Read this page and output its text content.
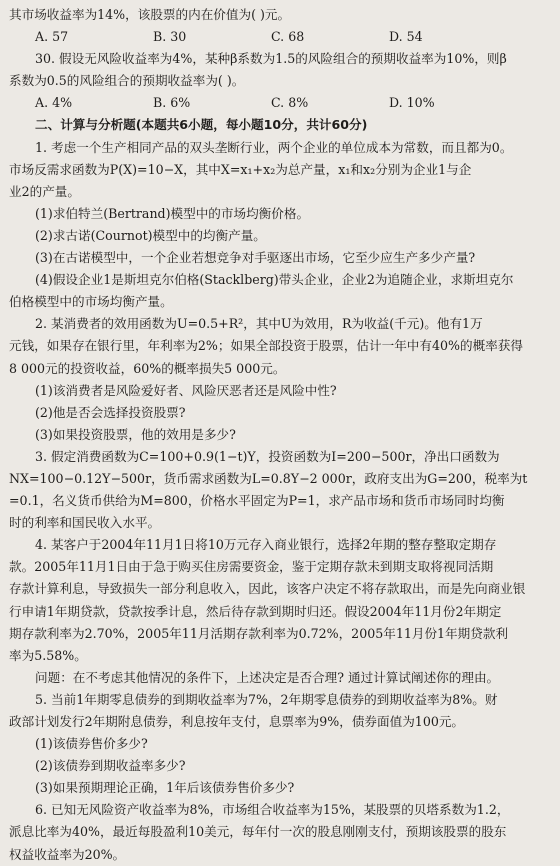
其市场收益率为14%，该股票的内在价值为( )元。
A. 57	B. 30	C. 68	D. 54
30. 假设无风险收益率为4%，某种β系数为1.5的风险组合的预期收益率为10%，则β
系数为0.5的风险组合的预期收益率为( )。
A. 4%	B. 6%	C. 8%	D. 10%
二、计算与分析题(本题共6小题，每小题10分，共计60分)
1. 考虑一个生产相同产品的双头垄断行业，两个企业的单位成本为常数，而且都为0。
市场反需求函数为P(X)=10−X，其中X=x₁+x₂为总产量，x₁和x₂分别为企业1与企
业2的产量。
(1)求伯特兰(Bertrand)模型中的市场均衡价格。
(2)求古诺(Cournot)模型中的均衡产量。
(3)在古诺模型中，一个企业若想竞争对手驱逐出市场，它至少应生产多少产量?
(4)假设企业1是斯坦克尔伯格(Stacklberg)带头企业，企业2为追随企业，求斯坦克尔
伯格模型中的市场均衡产量。
2. 某消费者的效用函数为U=0.5+R²，其中U为效用，R为收益(千元)。他有1万
元钱，如果存在银行里，年利率为2%；如果全部投资于股票，估计一年中有40%的概率获得
8 000元的投资收益，60%的概率损失5 000元。
(1)该消费者是风险爱好者、风险厌恶者还是风险中性?
(2)他是否会选择投资股票?
(3)如果投资股票，他的效用是多少?
3. 假定消费函数为C=100+0.9(1−t)Y，投资函数为I=200−500r，净出口函数为
NX=100−0.12Y−500r，货币需求函数为L=0.8Y−2 000r，政府支出为G=200，税率为t
=0.1，名义货币供给为M=800，价格水平固定为P=1，求产品市场和货币市场同时均衡
时的利率和国民收入水平。
4. 某客户于2004年11月1日将10万元存入商业银行，选择2年期的整存整取定期存
款。2005年11月1日由于急于购买住房需要资金，鉴于定期存款未到期支取将视同活期
存款计算利息，导致损失一部分利息收入，因此，该客户决定不将存款取出，而是先向商业银
行申请1年期贷款，贷款按季计息，然后待存款到期时归还。假设2004年11月份2年期定
期存款利率为2.70%，2005年11月活期存款利率为0.72%，2005年11月份1年期贷款利
率为5.58%。
问题：在不考虑其他情况的条件下，上述决定是否合理? 通过计算试阐述你的理由。
5. 当前1年期零息债券的到期收益率为7%，2年期零息债券的到期收益率为8%。财
政部计划发行2年期附息债券，利息按年支付，息票率为9%，债券面值为100元。
(1)该债券售价多少?
(2)该债券到期收益率多少?
(3)如果预期理论正确，1年后该债券售价多少?
6. 已知无风险资产收益率为8%，市场组合收益率为15%，某股票的贝塔系数为1.2，
派息比率为40%，最近每股盈利10美元，每年付一次的股息刚刚支付，预期该股票的股东
权益收益率为20%。
